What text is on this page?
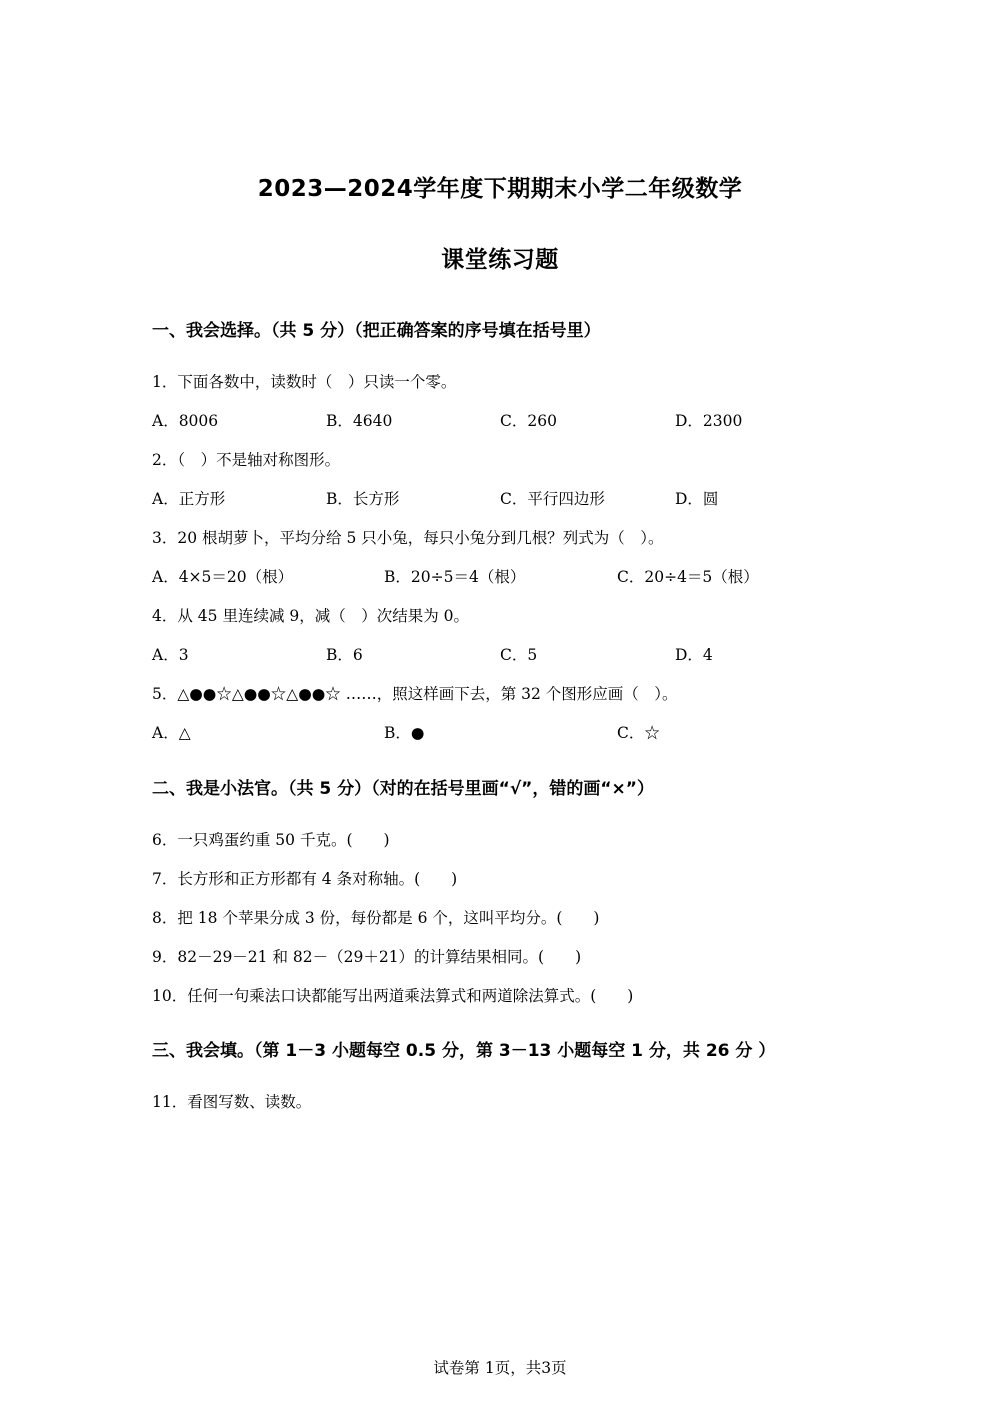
2023—2024学年度下期期末小学二年级数学
课堂练习题
一、我会选择。（共 5 分）（把正确答案的序号填在括号里）
1．下面各数中，读数时（　）只读一个零。
A．8006	B．4640	C．260	D．2300
2．（　）不是轴对称图形。
A．正方形	B．长方形	C．平行四边形	D．圆
3．20 根胡萝卜，平均分给 5 只小兔，每只小兔分到几根？列式为（　）。
A．4×5＝20（根）	B．20÷5＝4（根）	C．20÷4＝5（根）
4．从 45 里连续减 9，减（　）次结果为 0。
A．3	B．6	C．5	D．4
5．△●●☆△●●☆△●●☆ ……，照这样画下去，第 32 个图形应画（　）。
A．△	B．●	C．☆
二、我是小法官。（共 5 分）（对的在括号里画“√”，错的画“×”）
6．一只鸡蛋约重 50 千克。(　　)
7．长方形和正方形都有 4 条对称轴。(　　)
8．把 18 个苹果分成 3 份，每份都是 6 个，这叫平均分。(　　)
9．82－29－21 和 82－（29＋21）的计算结果相同。(　　)
10．任何一句乘法口诀都能写出两道乘法算式和两道除法算式。(　　)
三、我会填。（第 1－3 小题每空 0.5 分，第 3－13 小题每空 1 分，共 26 分 ）
11．看图写数、读数。
试卷第 1页，共3页
